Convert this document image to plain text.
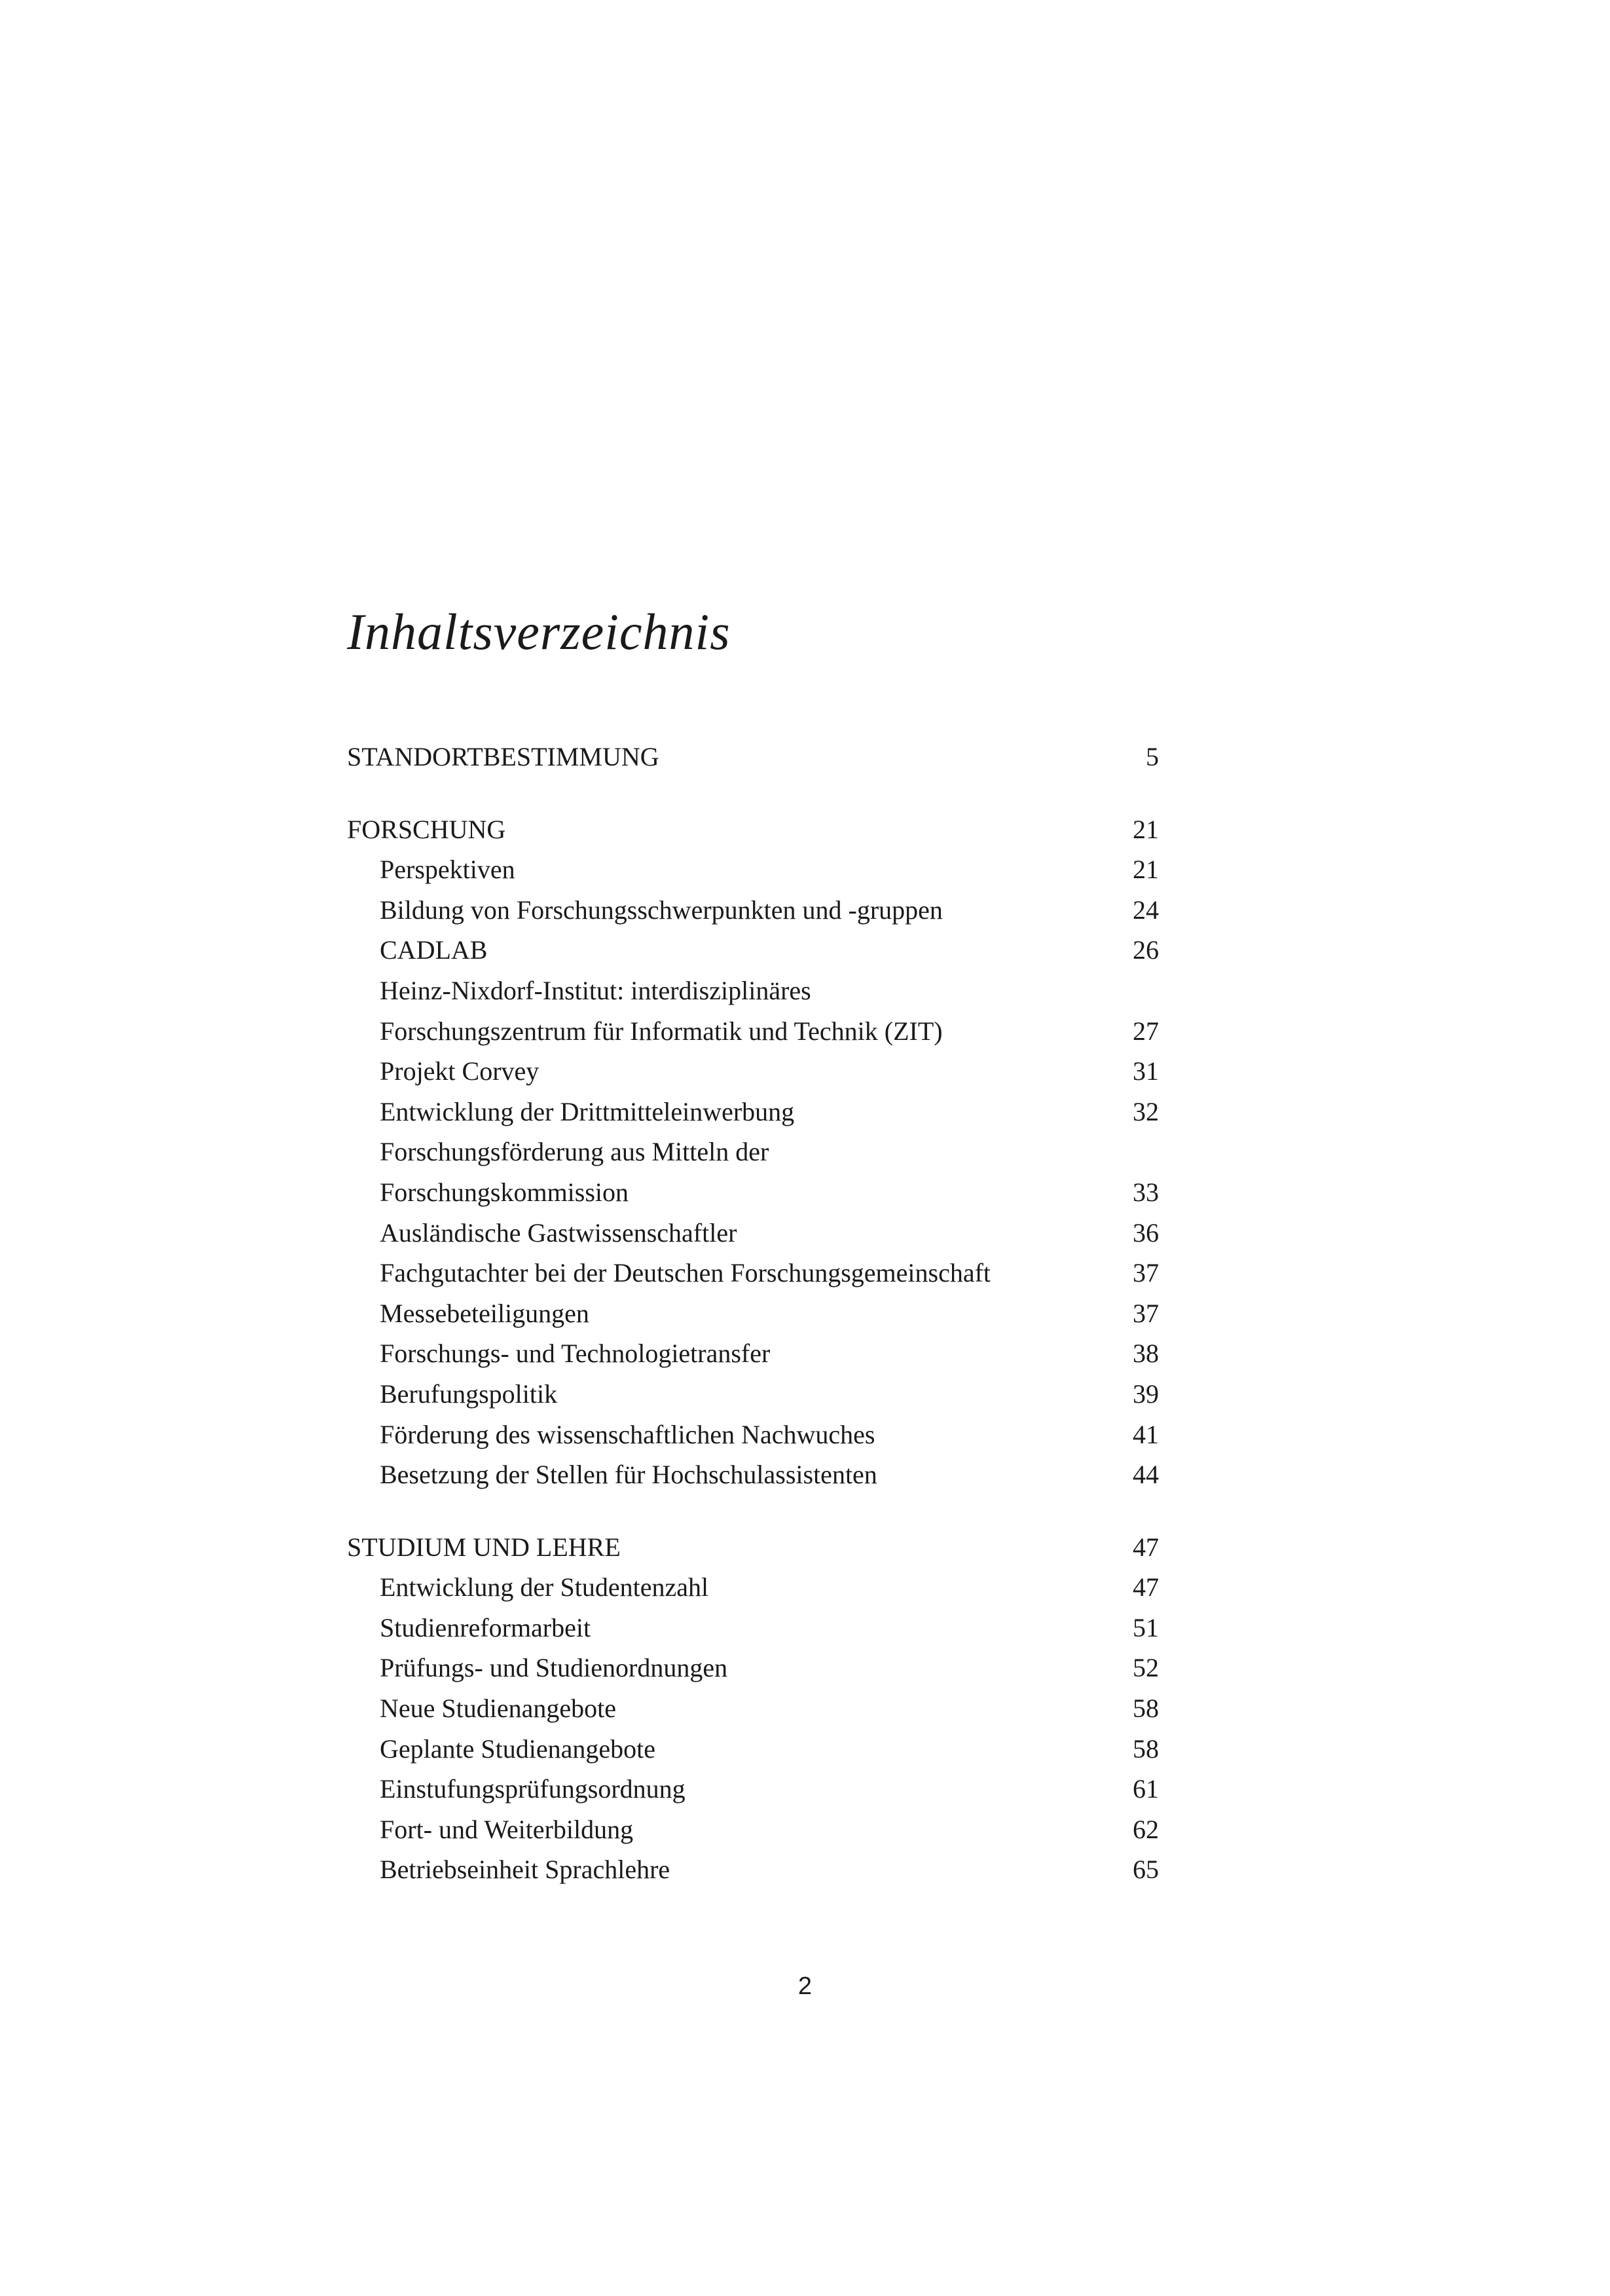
Inhaltsverzeichnis
STANDORTBESTIMMUNG	5
FORSCHUNG	21
Perspektiven	21
Bildung von Forschungsschwerpunkten und -gruppen	24
CADLAB	26
Heinz-Nixdorf-Institut: interdisziplinäres
Forschungszentrum für Informatik und Technik (ZIT)	27
Projekt Corvey	31
Entwicklung der Drittmitteleinwerbung	32
Forschungsförderung aus Mitteln der
Forschungskommission	33
Ausländische Gastwissenschaftler	36
Fachgutachter bei der Deutschen Forschungsgemeinschaft	37
Messebeteiligungen	37
Forschungs- und Technologietransfer	38
Berufungspolitik	39
Förderung des wissenschaftlichen Nachwuches	41
Besetzung der Stellen für Hochschulassistenten	44
STUDIUM UND LEHRE	47
Entwicklung der Studentenzahl	47
Studienreformarbeit	51
Prüfungs- und Studienordnungen	52
Neue Studienangebote	58
Geplante Studienangebote	58
Einstufungsprüfungsordnung	61
Fort- und Weiterbildung	62
Betriebseinheit Sprachlehre	65
2
